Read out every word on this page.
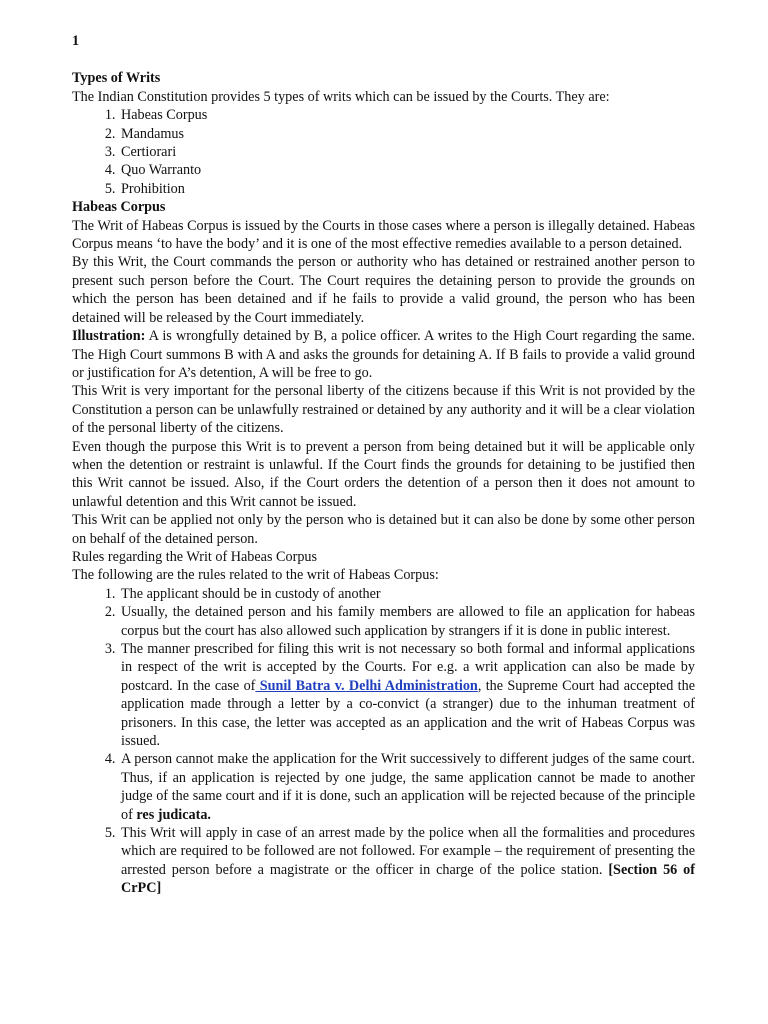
1
Types of Writs

The Indian Constitution provides 5 types of writs which can be issued by the Courts. They are:

1. Habeas Corpus
2. Mandamus
3. Certiorari
4. Quo Warranto
5. Prohibition
Habeas Corpus

The Writ of Habeas Corpus is issued by the Courts in those cases where a person is illegally detained. Habeas Corpus means ‘to have the body’ and it is one of the most effective remedies available to a person detained.

By this Writ, the Court commands the person or authority who has detained or restrained another person to present such person before the Court. The Court requires the detaining person to provide the grounds on which the person has been detained and if he fails to provide a valid ground, the person who has been detained will be released by the Court immediately.

Illustration: A is wrongfully detained by B, a police officer. A writes to the High Court regarding the same. The High Court summons B with A and asks the grounds for detaining A. If B fails to provide a valid ground or justification for A’s detention, A will be free to go.

This Writ is very important for the personal liberty of the citizens because if this Writ is not provided by the Constitution a person can be unlawfully restrained or detained by any authority and it will be a clear violation of the personal liberty of the citizens.

Even though the purpose this Writ is to prevent a person from being detained but it will be applicable only when the detention or restraint is unlawful. If the Court finds the grounds for detaining to be justified then this Writ cannot be issued. Also, if the Court orders the detention of a person then it does not amount to unlawful detention and this Writ cannot be issued.

This Writ can be applied not only by the person who is detained but it can also be done by some other person on behalf of the detained person.

Rules regarding the Writ of Habeas Corpus

The following are the rules related to the writ of Habeas Corpus:

1. The applicant should be in custody of another
2. Usually, the detained person and his family members are allowed to file an application for habeas corpus but the court has also allowed such application by strangers if it is done in public interest.
3. The manner prescribed for filing this writ is not necessary so both formal and informal applications in respect of the writ is accepted by the Courts. For e.g. a writ application can also be made by postcard. In the case of Sunil Batra v. Delhi Administration, the Supreme Court had accepted the application made through a letter by a co-convict (a stranger) due to the inhuman treatment of prisoners. In this case, the letter was accepted as an application and the writ of Habeas Corpus was issued.
4. A person cannot make the application for the Writ successively to different judges of the same court. Thus, if an application is rejected by one judge, the same application cannot be made to another judge of the same court and if it is done, such an application will be rejected because of the principle of res judicata.
5. This Writ will apply in case of an arrest made by the police when all the formalities and procedures which are required to be followed are not followed. For example – the requirement of presenting the arrested person before a magistrate or the officer in charge of the police station. [Section 56 of CrPC]
